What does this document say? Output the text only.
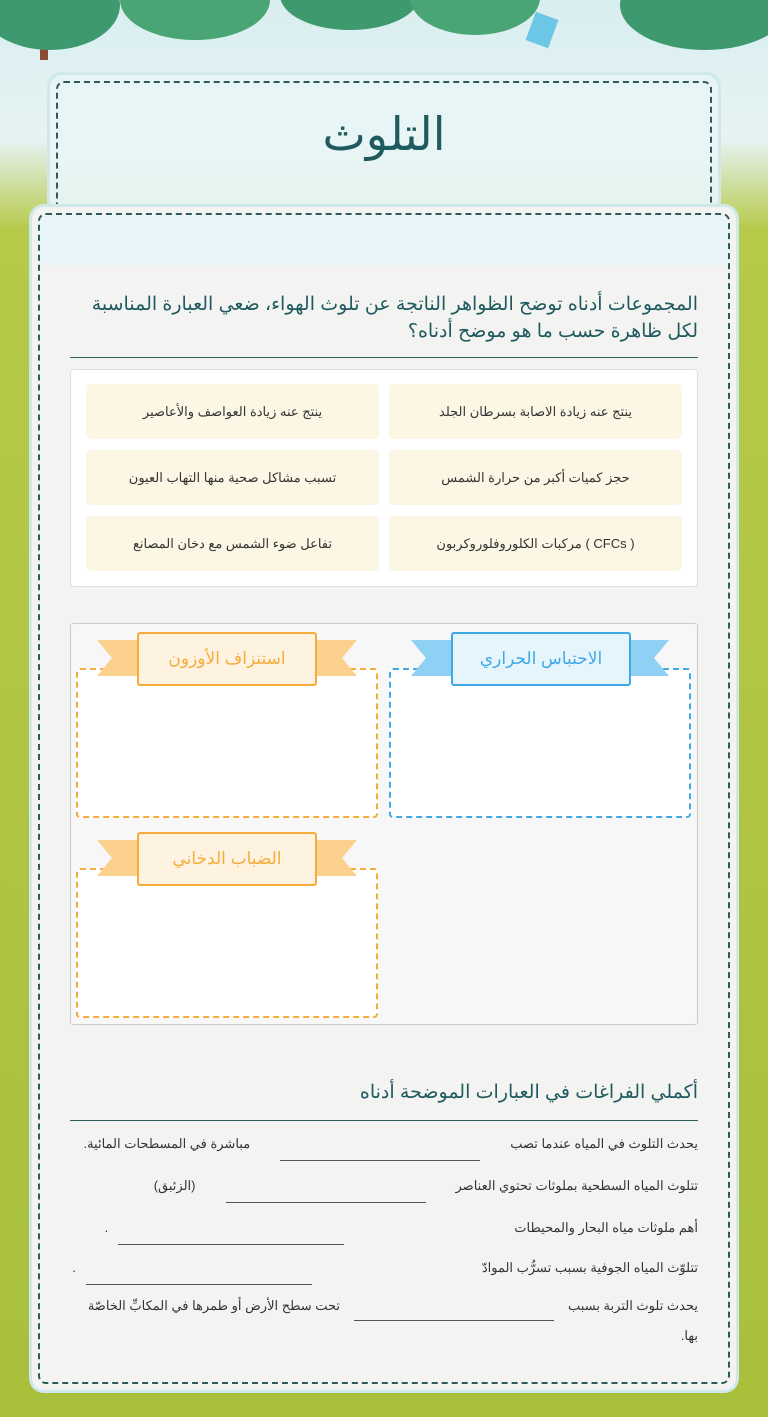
التلوث
المجموعات أدناه توضح الظواهر الناتجة عن تلوث الهواء، ضعي العبارة المناسبة لكل ظاهرة حسب ما هو موضح أدناه؟
ينتج عنه زيادة الاصابة بسرطان الجلد
ينتج عنه زيادة العواصف والأعاصير
حجز كميات أكبر من حرارة الشمس
تسبب مشاكل صحية منها التهاب العيون
( CFCs ) مركبات الكلوروفلوروكربون
تفاعل ضوء الشمس مع دخان المصانع
الاحتباس الحراري
استنزاف الأوزون
الضباب الدخاني
أكملي الفراغات في العبارات الموضحة أدناه
يحدث التلوث في المياه عندما تصبمباشرة في المسطحات المائية.
تتلوث المياه السطحية بملوثات تحتوي العناصر(الزئبق)
أهم ملوثات مياه البحار والمحيطات.
تتلوّث المياه الجوفية بسبب تسرُّب الموادّ.
يحدث تلوث التربة بسببتحت سطح الأرض أو طمرها في المكابِّ الخاصّة بها.
